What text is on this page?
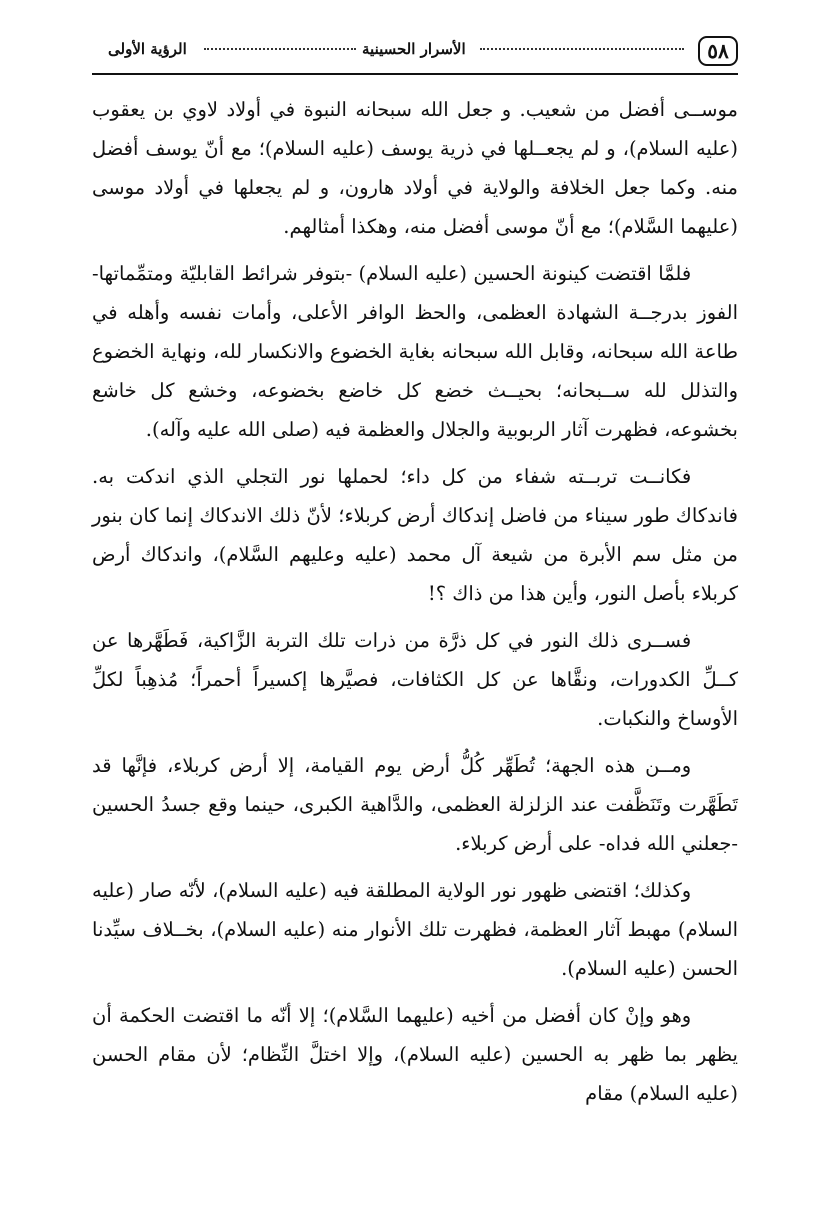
٥٨
الأسرار الحسينية
الرؤية الأولى

موســى أفضل من شعيب. و جعل الله سبحانه النبوة في أولاد لاوي بن يعقوب (عليه السلام)، و لم يجعــلها في ذرية يوسف (عليه السلام)؛ مع أنّ يوسف أفضل منه. وكما جعل الخلافة والولاية في أولاد هارون، و لم يجعلها في أولاد موسى (عليهما السَّلام)؛ مع أنّ موسى أفضل منه، وهكذا أمثالهم.

فلمَّا اقتضت كينونة الحسين (عليه السلام) -بتوفر شرائط القابليّة ومتمِّماتها- الفوز بدرجــة الشهادة العظمى، والحظ الوافر الأعلى، وأمات نفسه وأهله في طاعة الله سبحانه، وقابل الله سبحانه بغاية الخضوع والانكسار لله، ونهاية الخضوع والتذلل لله ســبحانه؛ بحيــث خضع كل خاضع بخضوعه، وخشع كل خاشع بخشوعه، فظهرت آثار الربوبية والجلال والعظمة فيه (صلى الله عليه وآله).

فكانــت تربــته شفاء من كل داء؛ لحملها نور التجلي الذي اندكت به. فاندكاك طور سيناء من فاضل إندكاك أرض كربلاء؛ لأنّ ذلك الاندكاك إنما كان بنور من مثل سم الأبرة من شيعة آل محمد (عليه وعليهم السَّلام)، واندكاك أرض كربلاء بأصل النور، وأين هذا من ذاك ؟!

فســرى ذلك النور في كل ذرَّة من ذرات تلك التربة الزَّاكية، فَطَهَّرها عن كــلِّ الكدورات، ونقَّاها عن كل الكثافات، فصيَّرها إكسيراً أحمراً؛ مُذهِباً لكلِّ الأوساخ والنكبات.

ومــن هذه الجهة؛ تُطَهِّر كُلُّ أرض يوم القيامة، إلا أرض كربلاء، فإنَّها قد تَطَهَّرت وتَنَظَّفت عند الزلزلة العظمى، والدَّاهية الكبرى، حينما وقع جسدُ الحسين -جعلني الله فداه- على أرض كربلاء.

وكذلك؛ اقتضى ظهور نور الولاية المطلقة فيه (عليه السلام)، لأنّه صار (عليه السلام) مهبط آثار العظمة، فظهرت تلك الأنوار منه (عليه السلام)، بخــلاف سيِّدنا الحسن (عليه السلام).

وهو وإنْ كان أفضل من أخيه (عليهما السَّلام)؛ إلا أنّه ما اقتضت الحكمة أن يظهر بما ظهر به الحسين (عليه السلام)، وإلا اختلَّ النِّظام؛ لأن مقام الحسن (عليه السلام) مقام
